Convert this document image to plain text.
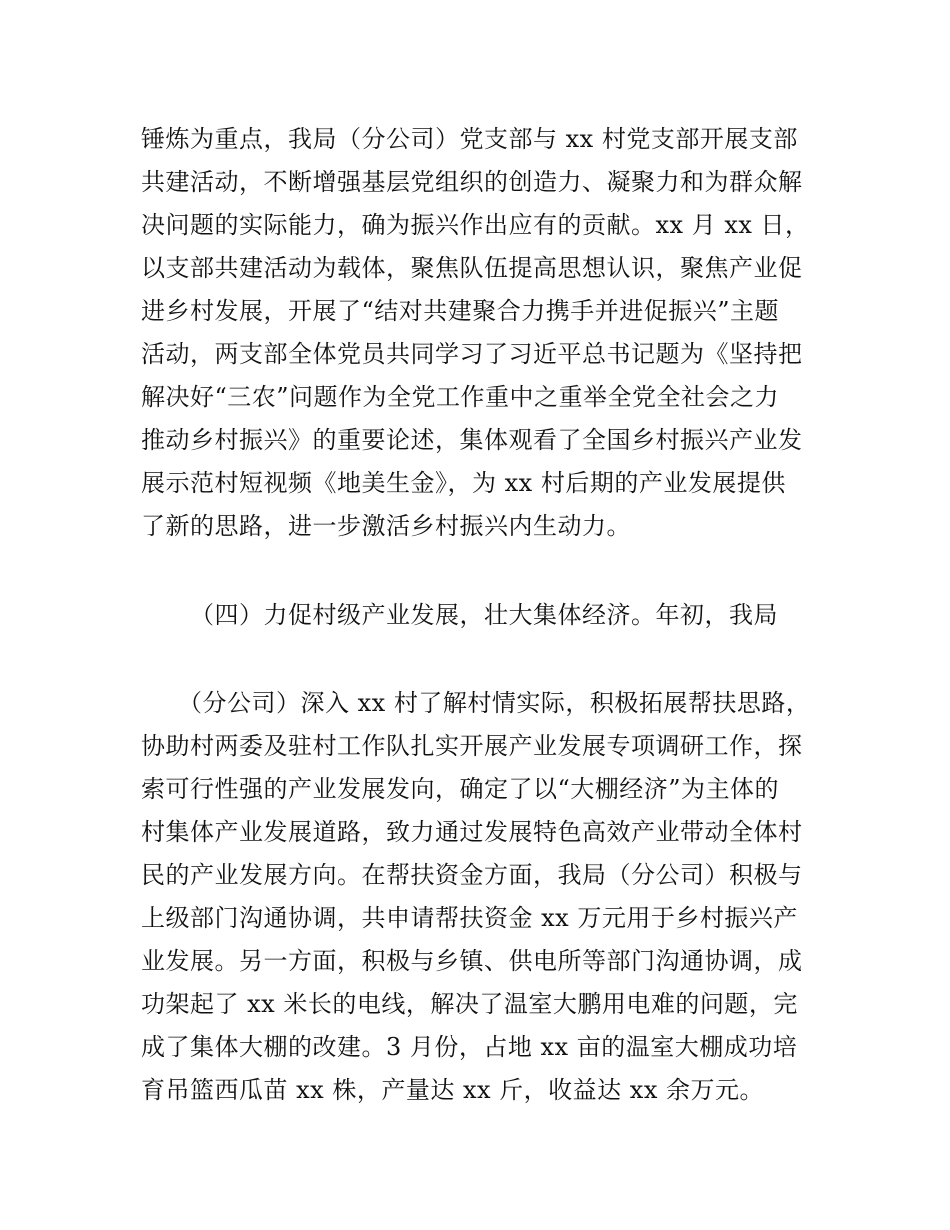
锤炼为重点，我局（分公司）党支部与 xx 村党支部开展支部
共建活动，不断增强基层党组织的创造力、凝聚力和为群众解
决问题的实际能力，确为振兴作出应有的贡献。xx 月 xx 日，
以支部共建活动为载体，聚焦队伍提高思想认识，聚焦产业促
进乡村发展，开展了“结对共建聚合力携手并进促振兴”主题
活动，两支部全体党员共同学习了习近平总书记题为《坚持把
解决好“三农”问题作为全党工作重中之重举全党全社会之力
推动乡村振兴》的重要论述，集体观看了全国乡村振兴产业发
展示范村短视频《地美生金》，为 xx 村后期的产业发展提供
了新的思路，进一步激活乡村振兴内生动力。
（四）力促村级产业发展，壮大集体经济。年初，我局
（分公司）深入 xx 村了解村情实际，积极拓展帮扶思路，
协助村两委及驻村工作队扎实开展产业发展专项调研工作，探
索可行性强的产业发展发向，确定了以“大棚经济”为主体的
村集体产业发展道路，致力通过发展特色高效产业带动全体村
民的产业发展方向。在帮扶资金方面，我局（分公司）积极与
上级部门沟通协调，共申请帮扶资金 xx 万元用于乡村振兴产
业发展。另一方面，积极与乡镇、供电所等部门沟通协调，成
功架起了 xx 米长的电线，解决了温室大鹏用电难的问题，完
成了集体大棚的改建。3 月份，占地 xx 亩的温室大棚成功培
育吊篮西瓜苗 xx 株，产量达 xx 斤，收益达 xx 余万元。
